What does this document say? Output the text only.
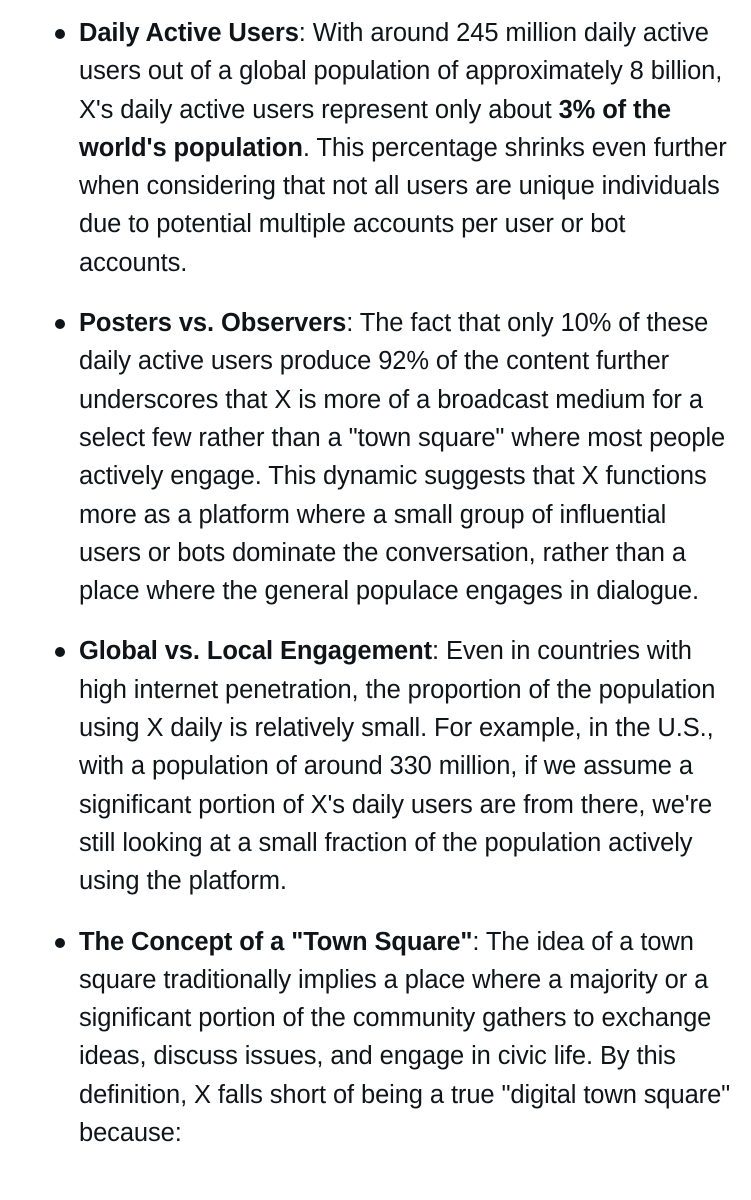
Daily Active Users: With around 245 million daily active users out of a global population of approximately 8 billion, X's daily active users represent only about 3% of the world's population. This percentage shrinks even further when considering that not all users are unique individuals due to potential multiple accounts per user or bot accounts.
Posters vs. Observers: The fact that only 10% of these daily active users produce 92% of the content further underscores that X is more of a broadcast medium for a select few rather than a "town square" where most people actively engage. This dynamic suggests that X functions more as a platform where a small group of influential users or bots dominate the conversation, rather than a place where the general populace engages in dialogue.
Global vs. Local Engagement: Even in countries with high internet penetration, the proportion of the population using X daily is relatively small. For example, in the U.S., with a population of around 330 million, if we assume a significant portion of X's daily users are from there, we're still looking at a small fraction of the population actively using the platform.
The Concept of a "Town Square": The idea of a town square traditionally implies a place where a majority or a significant portion of the community gathers to exchange ideas, discuss issues, and engage in civic life. By this definition, X falls short of being a true "digital town square" because:
